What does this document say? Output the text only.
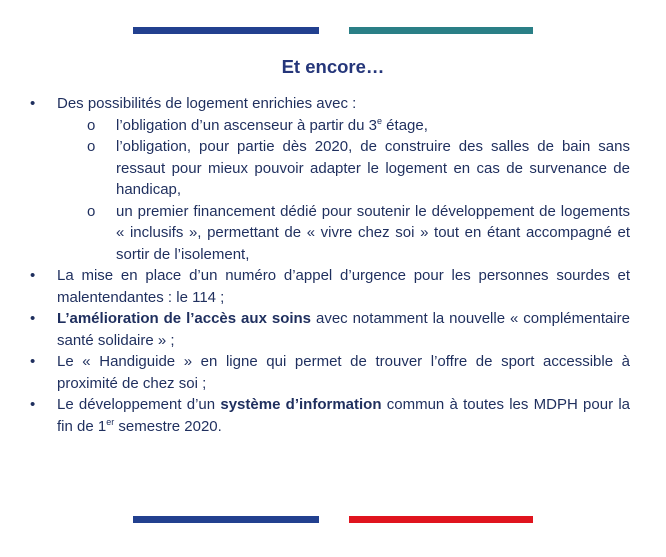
Et encore…
• Des possibilités de logement enrichies avec :
o l’obligation d’un ascenseur à partir du 3e étage,
o l’obligation, pour partie dès 2020, de construire des salles de bain sans ressaut pour mieux pouvoir adapter le logement en cas de survenance de handicap,
o un premier financement dédié pour soutenir le développement de logements « inclusifs », permettant de « vivre chez soi » tout en étant accompagné et sortir de l’isolement,
• La mise en place d’un numéro d’appel d’urgence pour les personnes sourdes et malentendantes : le 114 ;
• L’amélioration de l’accès aux soins avec notamment la nouvelle « complémentaire santé solidaire » ;
• Le « Handiguide » en ligne qui permet de trouver l’offre de sport accessible à proximité de chez soi ;
• Le développement d’un système d’information commun à toutes les MDPH pour la fin de 1er semestre 2020.
